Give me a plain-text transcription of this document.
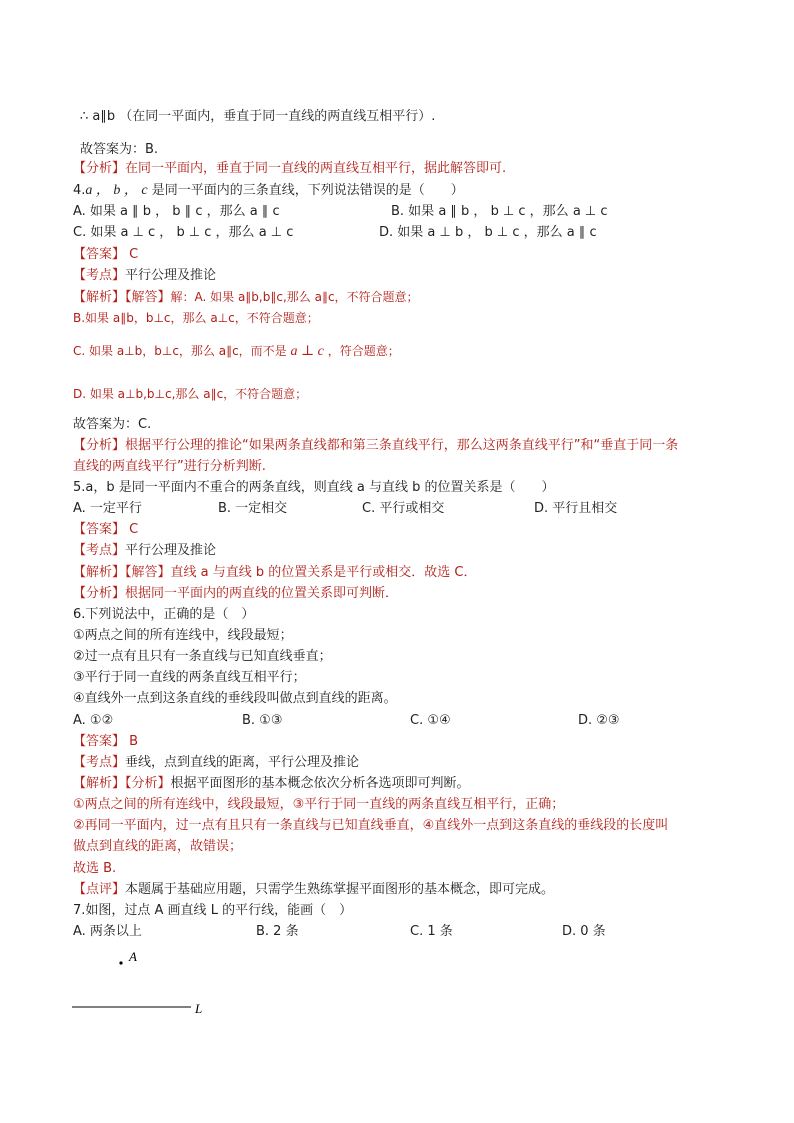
∴ a∥b （在同一平面内，垂直于同一直线的两直线互相平行）.
故答案为：B.
【分析】在同一平面内，垂直于同一直线的两直线互相平行，据此解答即可.
4.a ， b ， c 是同一平面内的三条直线，下列说法错误的是（　　）
A. 如果 a ∥ b ， b ∥ c ，那么 a ∥ c	B. 如果 a ∥ b ， b ⊥ c ，那么 a ⊥ c
C. 如果 a ⊥ c ， b ⊥ c ，那么 a ⊥ c	D. 如果 a ⊥ b ， b ⊥ c ，那么 a ∥ c
【答案】 C
【考点】平行公理及推论
【解析】【解答】解：A. 如果 a∥b,b∥c,那么 a∥c，不符合题意；
B.如果 a∥b，b⊥c，那么 a⊥c，不符合题意；
C. 如果 a⊥b，b⊥c，那么 a∥c，而不是 a ⊥ c ，符合题意；
D. 如果 a⊥b,b⊥c,那么 a∥c，不符合题意；
故答案为：C.
【分析】根据平行公理的推论“如果两条直线都和第三条直线平行，那么这两条直线平行”和“垂直于同一条
直线的两直线平行”进行分析判断.
5.a，b 是同一平面内不重合的两条直线，则直线 a 与直线 b 的位置关系是（　　）
A. 一定平行	B. 一定相交	C. 平行或相交	D. 平行且相交
【答案】 C
【考点】平行公理及推论
【解析】【解答】直线 a 与直线 b 的位置关系是平行或相交．故选 C．
【分析】根据同一平面内的两直线的位置关系即可判断．
6.下列说法中，正确的是（　）
①两点之间的所有连线中，线段最短；
②过一点有且只有一条直线与已知直线垂直；
③平行于同一直线的两条直线互相平行；
④直线外一点到这条直线的垂线段叫做点到直线的距离。
A. ①②	B. ①③	C. ①④	D. ②③
【答案】 B
【考点】垂线，点到直线的距离，平行公理及推论
【解析】【分析】根据平面图形的基本概念依次分析各选项即可判断。
①两点之间的所有连线中，线段最短，③平行于同一直线的两条直线互相平行，正确；
②再同一平面内，过一点有且只有一条直线与已知直线垂直，④直线外一点到这条直线的垂线段的长度叫
做点到直线的距离，故错误；
故选 B.
【点评】本题属于基础应用题，只需学生熟练掌握平面图形的基本概念，即可完成。
7.如图，过点 A 画直线 L 的平行线，能画（　）
A. 两条以上	B. 2 条	C. 1 条	D. 0 条
A
L
